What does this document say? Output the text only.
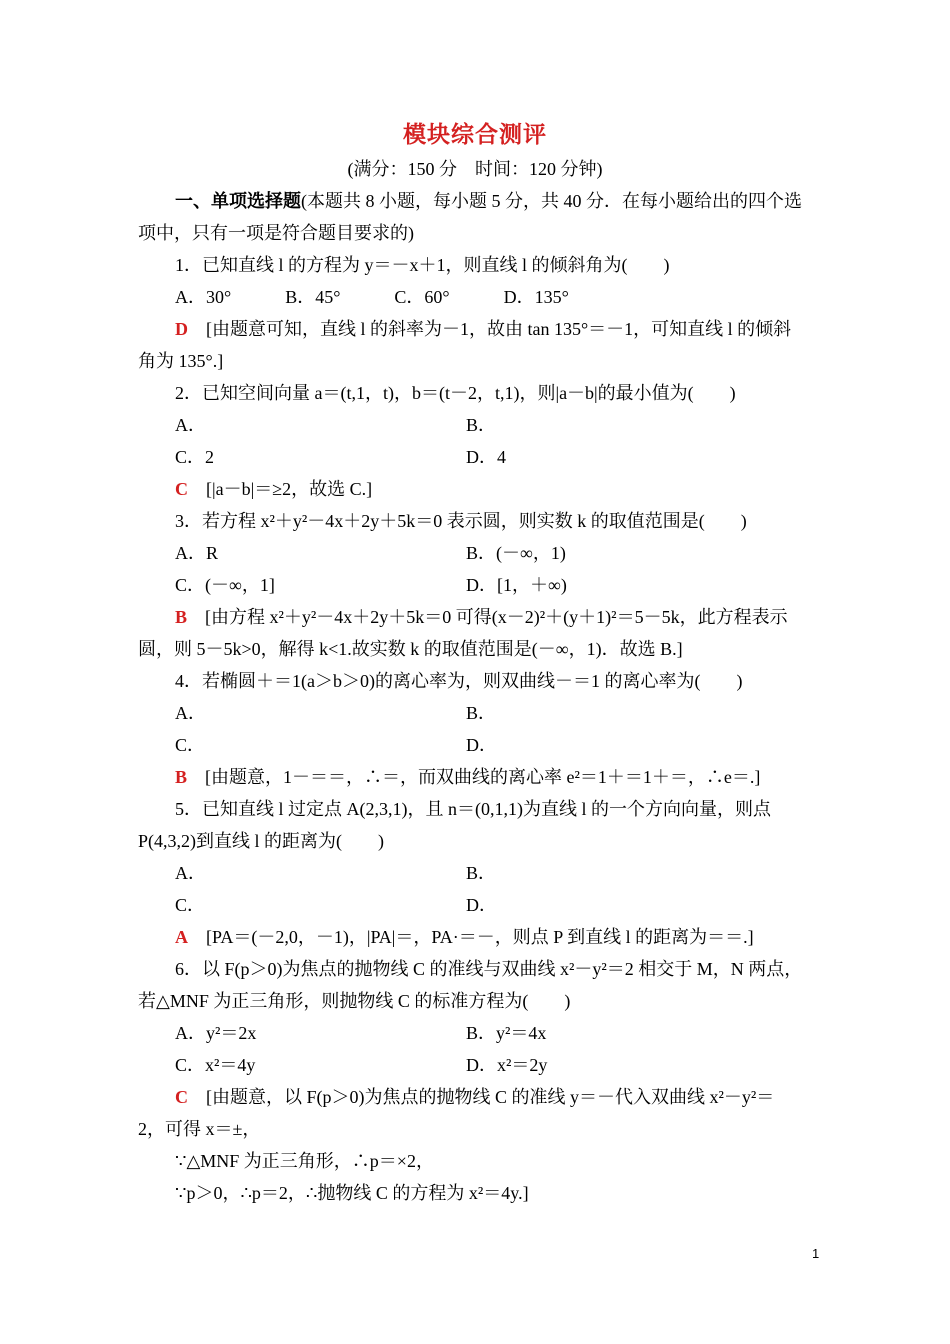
模块综合测评
(满分：150 分　时间：120 分钟)
一、单项选择题(本题共 8 小题，每小题 5 分，共 40 分．在每小题给出的四个选
项中，只有一项是符合题目要求的)
1．已知直线 l 的方程为 y＝－x＋1，则直线 l 的倾斜角为(　　)
A．30°　　　B．45°　　　C．60°　　　D．135°
D　 [由题意可知，直线 l 的斜率为－1，故由 tan 135°＝－1，可知直线 l 的倾斜
角为 135°.]
2．已知空间向量 a＝(t,1，t)，b＝(t－2，t,1)，则|a－b|的最小值为(　　)
A．	B．
C．2	D．4
C　 [|a－b|＝≥2，故选 C.]
3．若方程 x²＋y²－4x＋2y＋5k＝0 表示圆，则实数 k 的取值范围是(　　)
A．R	B．(－∞，1)
C．(－∞，1]	D．[1，＋∞)
B　 [由方程 x²＋y²－4x＋2y＋5k＝0 可得(x－2)²＋(y＋1)²＝5－5k，此方程表示
圆，则 5－5k>0，解得 k<1.故实数 k 的取值范围是(－∞，1)．故选 B.]
4．若椭圆＋＝1(a＞b＞0)的离心率为，则双曲线－＝1 的离心率为(　　)
A．	B．
C．	D．
B　 [由题意，1－＝＝，∴＝，而双曲线的离心率 e²＝1＋＝1＋＝，∴e＝.]
5．已知直线 l 过定点 A(2,3,1)，且 n＝(0,1,1)为直线 l 的一个方向向量，则点
P(4,3,2)到直线 l 的距离为(　　)
A．	B．
C．	D．
A　 [PA＝(－2,0，－1)，|PA|＝，PA·＝－，则点 P 到直线 l 的距离为＝＝.]
6．以 F(p＞0)为焦点的抛物线 C 的准线与双曲线 x²－y²＝2 相交于 M，N 两点，
若△MNF 为正三角形，则抛物线 C 的标准方程为(　　)
A．y²＝2x	B．y²＝4x
C．x²＝4y	D．x²＝2y
C　 [由题意，以 F(p＞0)为焦点的抛物线 C 的准线 y＝－代入双曲线 x²－y²＝
2，可得 x＝±，
∵△MNF 为正三角形，∴p＝×2，
∵p＞0，∴p＝2，∴抛物线 C 的方程为 x²＝4y.]
1
